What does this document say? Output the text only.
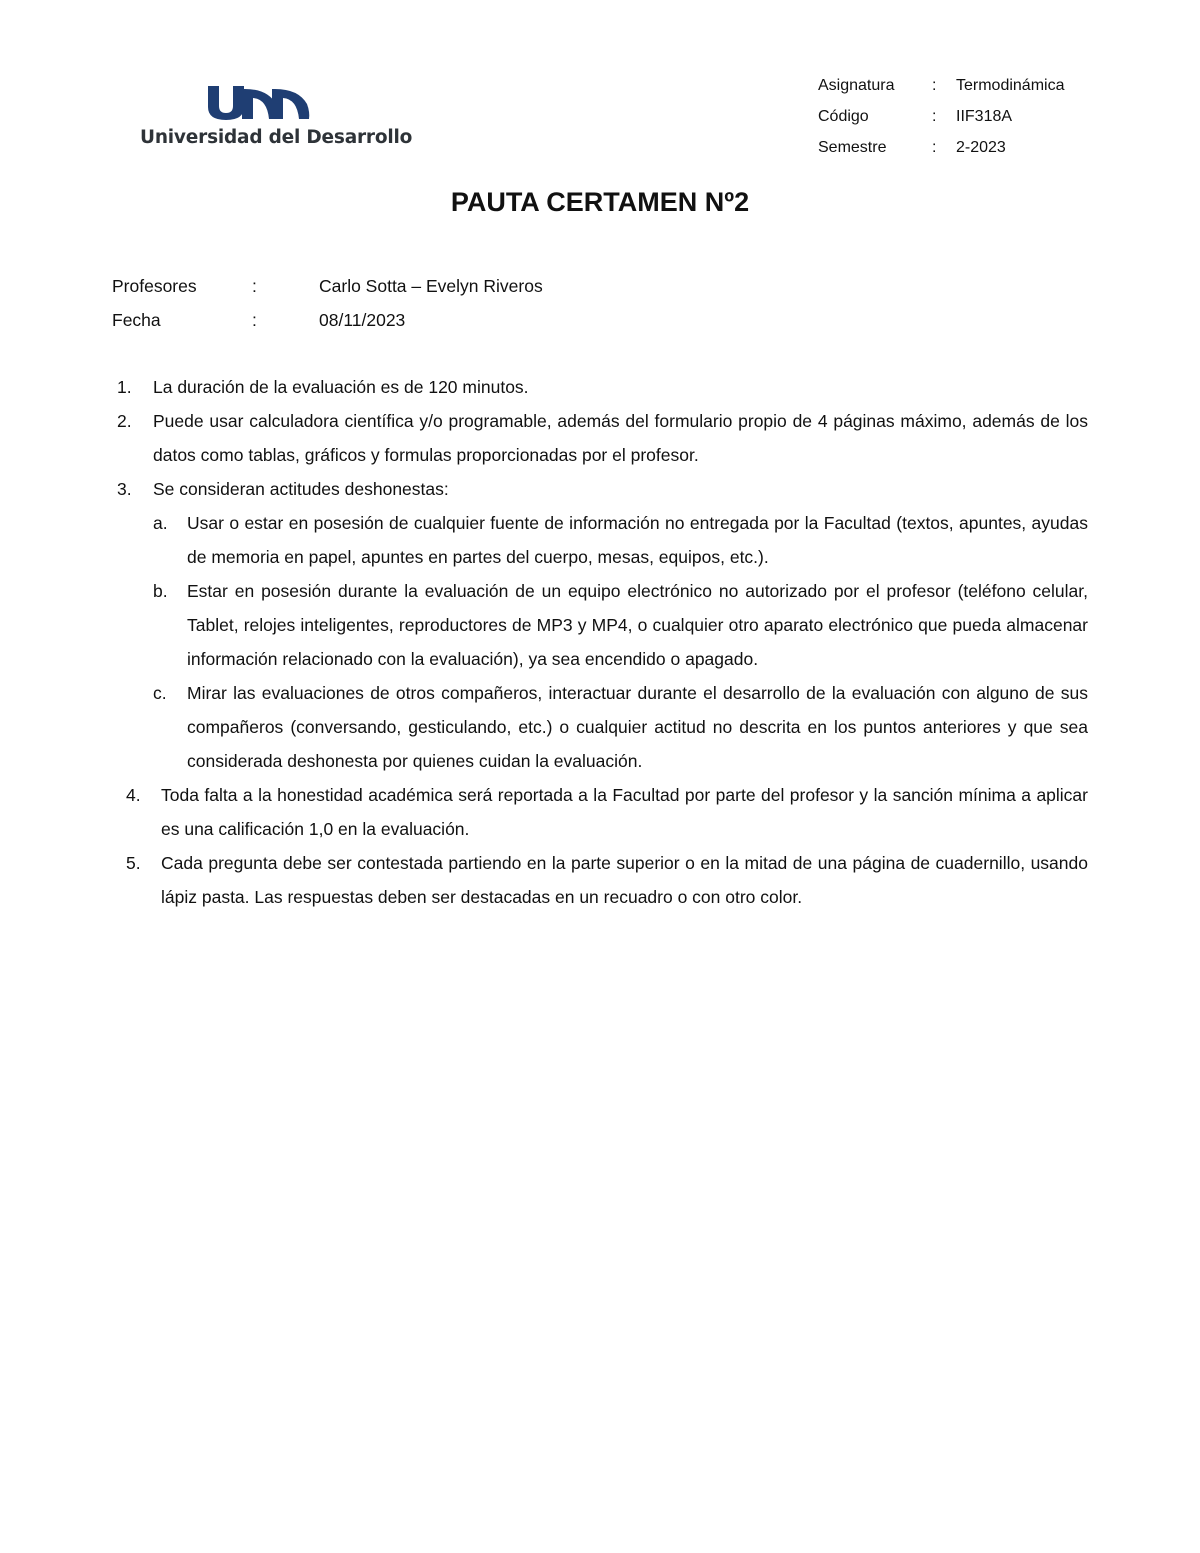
Universidad del Desarrollo
Asignatura : Termodinámica
Código	: IIF318A
Semestre	: 2-2023
PAUTA CERTAMEN Nº2
Profesores	:	Carlo Sotta – Evelyn Riveros
Fecha	:	08/11/2023
1. La duración de la evaluación es de 120 minutos.
2. Puede usar calculadora científica y/o programable, además del formulario propio de 4 páginas máximo, además de los datos como tablas, gráficos y formulas proporcionadas por el profesor.
3. Se consideran actitudes deshonestas:
a. Usar o estar en posesión de cualquier fuente de información no entregada por la Facultad (textos, apuntes, ayudas de memoria en papel, apuntes en partes del cuerpo, mesas, equipos, etc.).
b. Estar en posesión durante la evaluación de un equipo electrónico no autorizado por el profesor (teléfono celular, Tablet, relojes inteligentes, reproductores de MP3 y MP4, o cualquier otro aparato electrónico que pueda almacenar información relacionado con la evaluación), ya sea encendido o apagado.
c. Mirar las evaluaciones de otros compañeros, interactuar durante el desarrollo de la evaluación con alguno de sus compañeros (conversando, gesticulando, etc.) o cualquier actitud no descrita en los puntos anteriores y que sea considerada deshonesta por quienes cuidan la evaluación.
4. Toda falta a la honestidad académica será reportada a la Facultad por parte del profesor y la sanción mínima a aplicar es una calificación 1,0 en la evaluación.
5. Cada pregunta debe ser contestada partiendo en la parte superior o en la mitad de una página de cuadernillo, usando lápiz pasta. Las respuestas deben ser destacadas en un recuadro o con otro color.
